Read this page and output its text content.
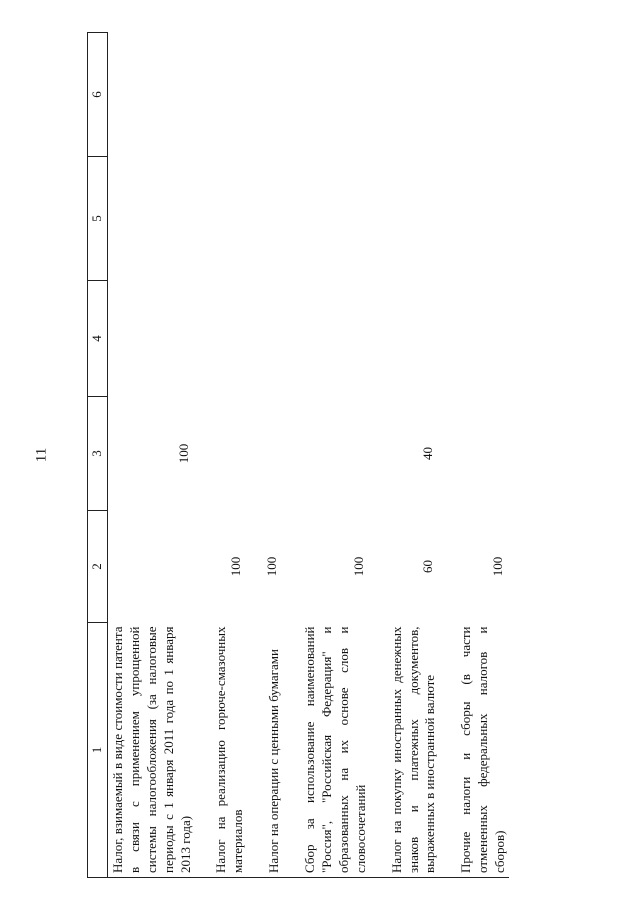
11
1	2	3	4	5	6
Налог, взимаемый в виде стоимости патента в связи с применением упрощенной системы налогообложения (за налоговые периоды с 1 января 2011 года по 1 января 2013 года)		100			

Налог на реализацию горюче-смазочных материалов	100				

Налог на операции с ценными бумагами	100				

Сбор за использование наименований "Россия", "Российская Федерация" и образованных на их основе слов и словосочетаний	100				

Налог на покупку иностранных денежных знаков и платежных документов, выраженных в иностранной валюте	60	40			

Прочие налоги и сборы (в части отмененных федеральных налогов и сборов)	100				
